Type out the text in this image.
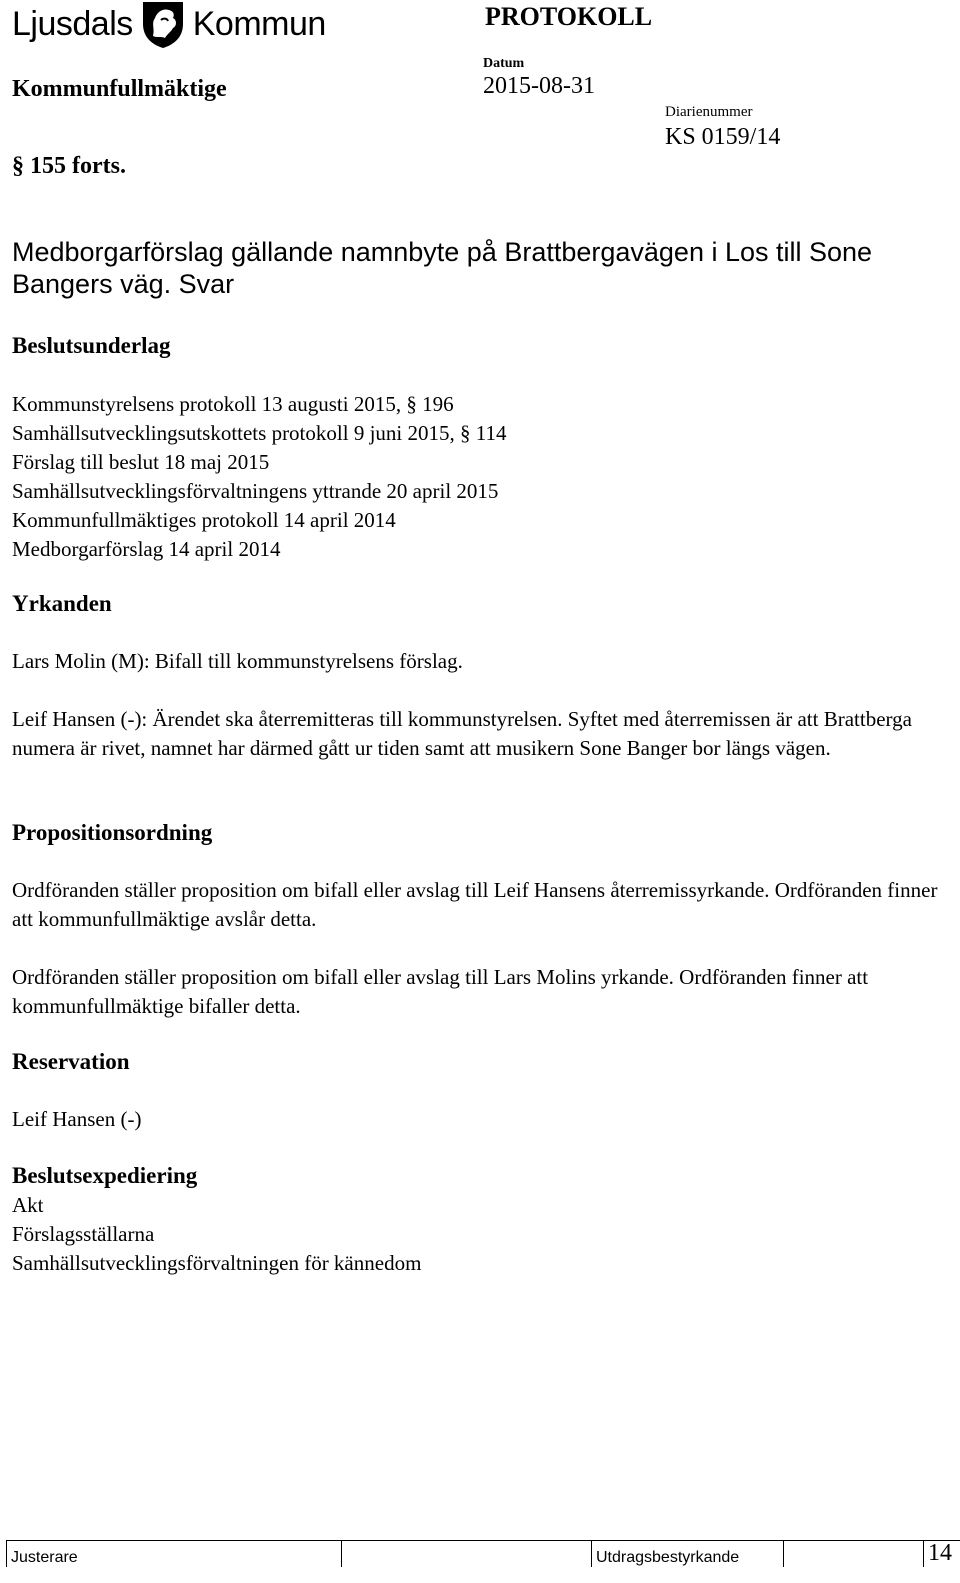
Ljusdals Kommun	PROTOKOLL
Datum
2015-08-31
Diarienummer
KS 0159/14
Kommunfullmäktige
§ 155 forts.
Medborgarförslag gällande namnbyte på Brattbergavägen i Los till Sone Bangers väg. Svar
Beslutsunderlag
Kommunstyrelsens protokoll 13 augusti 2015, § 196
Samhällsutvecklingsutskottets protokoll 9 juni 2015, § 114
Förslag till beslut 18 maj 2015
Samhällsutvecklingsförvaltningens yttrande 20 april 2015
Kommunfullmäktiges protokoll 14 april 2014
Medborgarförslag 14 april 2014
Yrkanden
Lars Molin (M): Bifall till kommunstyrelsens förslag.
Leif Hansen (-): Ärendet ska återremitteras till kommunstyrelsen. Syftet med återremissen är att Brattberga numera är rivet, namnet har därmed gått ur tiden samt att musikern Sone Banger bor längs vägen.
Propositionsordning
Ordföranden ställer proposition om bifall eller avslag till Leif Hansens återremissyrkande. Ordföranden finner att kommunfullmäktige avslår detta.
Ordföranden ställer proposition om bifall eller avslag till Lars Molins yrkande. Ordföranden finner att kommunfullmäktige bifaller detta.
Reservation
Leif Hansen (-)
Beslutsexpediering
Akt
Förslagsställarna
Samhällsutvecklingsförvaltningen för kännedom
Justerare	Utdragsbestyrkande	14
